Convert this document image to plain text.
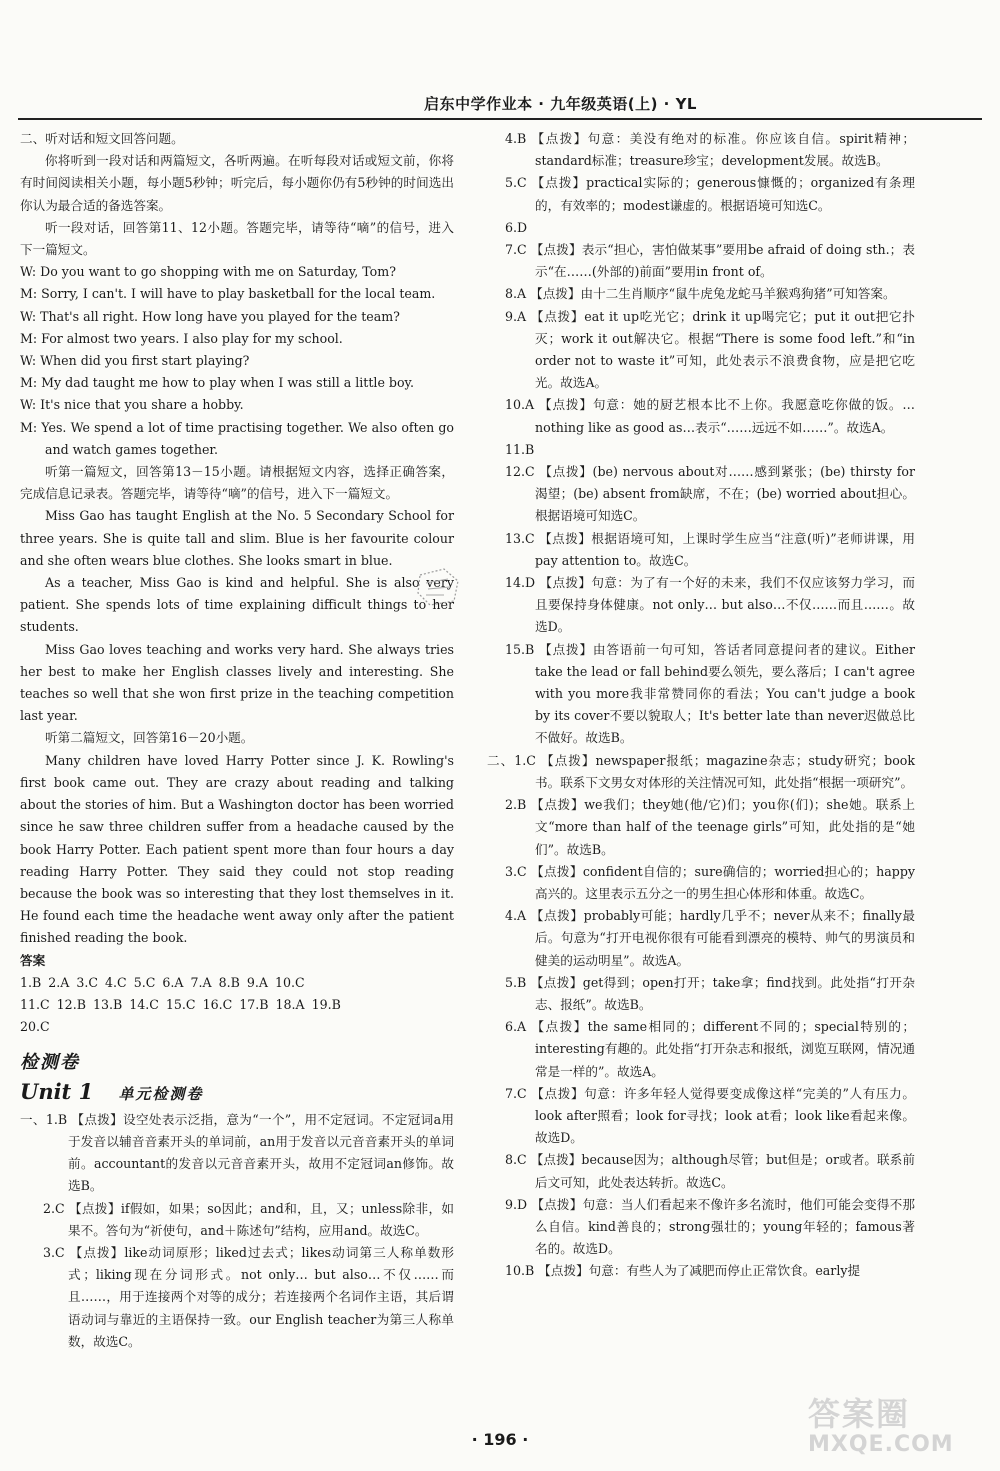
启东中学作业本 · 九年级英语(上) · YL

二、听对话和短文回答问题。

你将听到一段对话和两篇短文，各听两遍。在听每段对话或短文前，你将有时间阅读相关小题，每小题5秒钟；听完后，每小题你仍有5秒钟的时间选出你认为最合适的备选答案。

听一段对话，回答第11、12小题。答题完毕，请等待“嘀”的信号，进入下一篇短文。

W: Do you want to go shopping with me on Saturday, Tom?

M: Sorry, I can't. I will have to play basketball for the local team.

W: That's all right. How long have you played for the team?

M: For almost two years. I also play for my school.

W: When did you first start playing?

M: My dad taught me how to play when I was still a little boy.

W: It's nice that you share a hobby.

M: Yes. We spend a lot of time practising together. We also often go and watch games together.

听第一篇短文，回答第13－15小题。请根据短文内容，选择正确答案，完成信息记录表。答题完毕，请等待“嘀”的信号，进入下一篇短文。

Miss Gao has taught English at the No. 5 Secondary School for three years. She is quite tall and slim. Blue is her favourite colour and she often wears blue clothes. She looks smart in blue.

As a teacher, Miss Gao is kind and helpful. She is also very patient. She spends lots of time explaining difficult things to her students.

Miss Gao loves teaching and works very hard. She always tries her best to make her English classes lively and interesting. She teaches so well that she won first prize in the teaching competition last year.

听第二篇短文，回答第16－20小题。

Many children have loved Harry Potter since J. K. Rowling's first book came out. They are crazy about reading and talking about the stories of him. But a Washington doctor has been worried since he saw three children suffer from a headache caused by the book Harry Potter. Each patient spent more than four hours a day reading Harry Potter. They said they could not stop reading because the book was so interesting that they lost themselves in it. He found each time the headache went away only after the patient finished reading the book.

答案

1.B 2.A 3.C 4.C 5.C 6.A 7.A 8.B 9.A 10.C

11.C 12.B 13.B 14.C 15.C 16.C 17.B 18.A 19.B

20.C

检测卷
Unit 1 单元检测卷

一、1.B 【点拨】设空处表示泛指，意为“一个”，用不定冠词。不定冠词a用于发音以辅音音素开头的单词前，an用于发音以元音音素开头的单词前。accountant的发音以元音音素开头，故用不定冠词an修饰。故选B。

2.C 【点拨】if假如，如果；so因此；and和，且，又；unless除非，如果不。答句为“祈使句，and＋陈述句”结构，应用and。故选C。

3.C 【点拨】like动词原形；liked过去式；likes动词第三人称单数形式；liking现在分词形式。not only… but also…不仅……而且……，用于连接两个对等的成分；若连接两个名词作主语，其后谓语动词与靠近的主语保持一致。our English teacher为第三人称单数，故选C。

4.B 【点拨】句意：美没有绝对的标准。你应该自信。spirit精神；standard标准；treasure珍宝；development发展。故选B。

5.C 【点拨】practical实际的；generous慷慨的；organized有条理的，有效率的；modest谦虚的。根据语境可知选C。

6.D

7.C 【点拨】表示“担心，害怕做某事”要用be afraid of doing sth.；表示“在……(外部的)前面”要用in front of。

8.A 【点拨】由十二生肖顺序“鼠牛虎兔龙蛇马羊猴鸡狗猪”可知答案。

9.A 【点拨】eat it up吃光它；drink it up喝完它；put it out把它扑灭；work it out解决它。根据“There is some food left.”和“in order not to waste it”可知，此处表示不浪费食物，应是把它吃光。故选A。

10.A 【点拨】句意：她的厨艺根本比不上你。我愿意吃你做的饭。…nothing like as good as…表示“……远远不如……”。故选A。

11.B

12.C 【点拨】(be) nervous about对……感到紧张；(be) thirsty for渴望；(be) absent from缺席，不在；(be) worried about担心。根据语境可知选C。

13.C 【点拨】根据语境可知，上课时学生应当“注意(听)”老师讲课，用pay attention to。故选C。

14.D 【点拨】句意：为了有一个好的未来，我们不仅应该努力学习，而且要保持身体健康。not only… but also…不仅……而且……。故选D。

15.B 【点拨】由答语前一句可知，答话者同意提问者的建议。Either take the lead or fall behind要么领先，要么落后；I can't agree with you more我非常赞同你的看法；You can't judge a book by its cover不要以貌取人；It's better late than never迟做总比不做好。故选B。

二、1.C 【点拨】newspaper报纸；magazine杂志；study研究；book书。联系下文男女对体形的关注情况可知，此处指“根据一项研究”。

2.B 【点拨】we我们；they她(他/它)们；you你(们)；she她。联系上文“more than half of the teenage girls”可知，此处指的是“她们”。故选B。

3.C 【点拨】confident自信的；sure确信的；worried担心的；happy高兴的。这里表示五分之一的男生担心体形和体重。故选C。

4.A 【点拨】probably可能；hardly几乎不；never从来不；finally最后。句意为“打开电视你很有可能看到漂亮的模特、帅气的男演员和健美的运动明星”。故选A。

5.B 【点拨】get得到；open打开；take拿；find找到。此处指“打开杂志、报纸”。故选B。

6.A 【点拨】the same相同的；different不同的；special特别的；interesting有趣的。此处指“打开杂志和报纸，浏览互联网，情况通常是一样的”。故选A。

7.C 【点拨】句意：许多年轻人觉得要变成像这样“完美的”人有压力。look after照看；look for寻找；look at看；look like看起来像。故选D。

8.C 【点拨】because因为；although尽管；but但是；or或者。联系前后文可知，此处表达转折。故选C。

9.D 【点拨】句意：当人们看起来不像许多名流时，他们可能会变得不那么自信。kind善良的；strong强壮的；young年轻的；famous著名的。故选D。

10.B 【点拨】句意：有些人为了减肥而停止正常饮食。early提

· 196 ·
答案圈
MXQE.COM
